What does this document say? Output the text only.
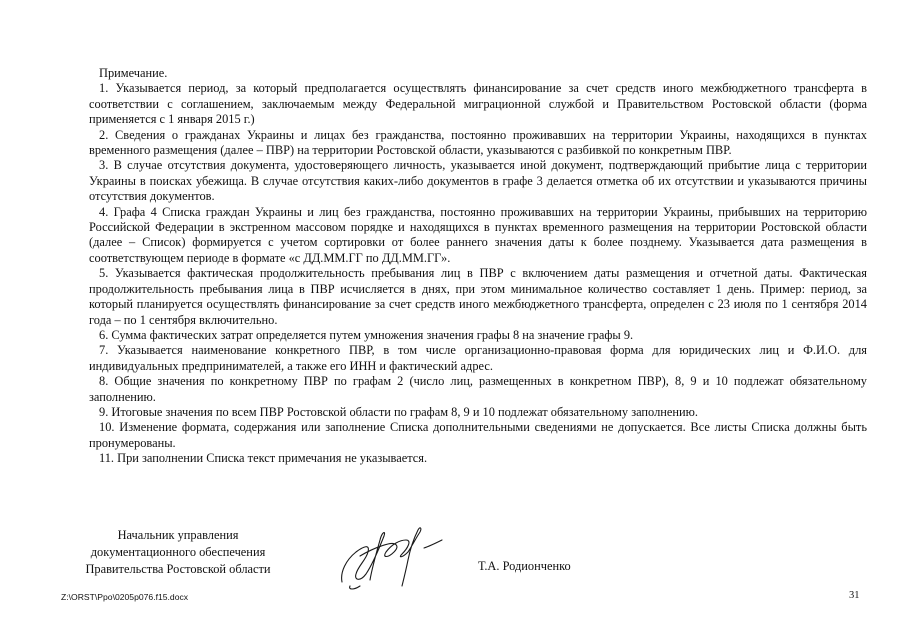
Примечание.

1. Указывается период, за который предполагается осуществлять финансирование за счет средств иного межбюджетного трансферта в соответствии с соглашением, заключаемым между Федеральной миграционной службой и Правительством Ростовской области (форма применяется с 1 января 2015 г.)

2. Сведения о гражданах Украины и лицах без гражданства, постоянно проживавших на территории Украины, находящихся в пунктах временного размещения (далее – ПВР) на территории Ростовской области, указываются с разбивкой по конкретным ПВР.

3. В случае отсутствия документа, удостоверяющего личность, указывается иной документ, подтверждающий прибытие лица с территории Украины в поисках убежища. В случае отсутствия каких-либо документов в графе 3 делается отметка об их отсутствии и указываются причины отсутствия документов.

4. Графа 4 Списка граждан Украины и лиц без гражданства, постоянно проживавших на территории Украины, прибывших на территорию Российской Федерации в экстренном массовом порядке и находящихся в пунктах временного размещения на территории Ростовской области (далее – Список) формируется с учетом сортировки от более раннего значения даты к более позднему. Указывается дата размещения в соответствующем периоде в формате «с ДД.ММ.ГГ по ДД.ММ.ГГ».

5. Указывается фактическая продолжительность пребывания лиц в ПВР с включением даты размещения и отчетной даты. Фактическая продолжительность пребывания лица в ПВР исчисляется в днях, при этом минимальное количество составляет 1 день. Пример: период, за который планируется осуществлять финансирование за счет средств иного межбюджетного трансферта, определен с 23 июля по 1 сентября 2014 года – по 1 сентября включительно.

6. Сумма фактических затрат определяется путем умножения значения графы 8 на значение графы 9.

7. Указывается наименование конкретного ПВР, в том числе организационно-правовая форма для юридических лиц и Ф.И.О. для индивидуальных предпринимателей, а также его ИНН и фактический адрес.

8. Общие значения по конкретному ПВР по графам 2 (число лиц, размещенных в конкретном ПВР), 8, 9 и 10 подлежат обязательному заполнению.

9. Итоговые значения по всем ПВР Ростовской области по графам 8, 9 и 10 подлежат обязательному заполнению.

10. Изменение формата, содержания или заполнение Списка дополнительными сведениями не допускается. Все листы Списка должны быть пронумерованы.

11. При заполнении Списка текст примечания не указывается.

Начальник управления
документационного обеспечения
Правительства Ростовской области	Т.А. Родионченко
Z:\ORST\Ppo\0205p076.f15.docx	31
